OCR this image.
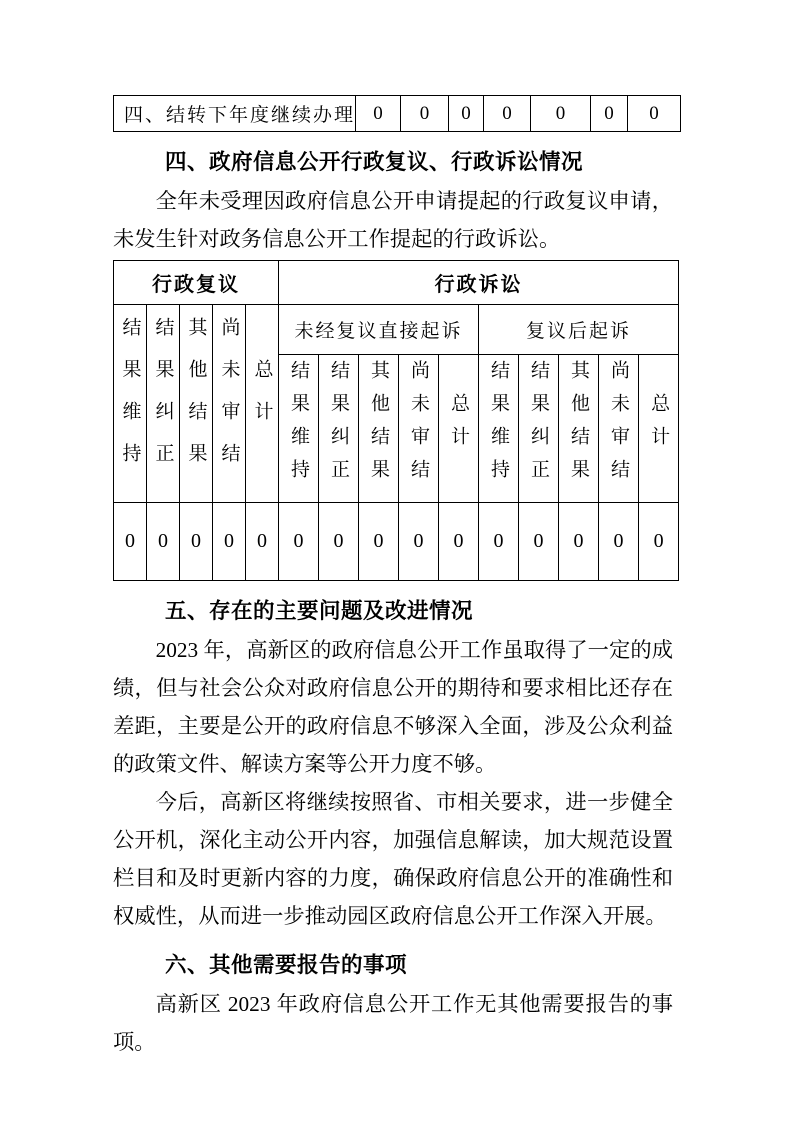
四、结转下年度继续办理	0	0	0	0	0	0	0
四、政府信息公开行政复议、行政诉讼情况

全年未受理因政府信息公开申请提起的行政复议申请，未发生针对政务信息公开工作提起的行政诉讼。

行政复议					行政诉讼									
结果维持	结果纠正	其他结果	尚未审结	总计	未经复议直接起诉					复议后起诉				
					结果维持	结果纠正	其他结果	尚未审结	总计	结果维持	结果纠正	其他结果	尚未审结	总计
0	0	0	0	0	0	0	0	0	0	0	0	0	0	0
五、存在的主要问题及改进情况

2023 年，高新区的政府信息公开工作虽取得了一定的成绩，但与社会公众对政府信息公开的期待和要求相比还存在差距，主要是公开的政府信息不够深入全面，涉及公众利益的政策文件、解读方案等公开力度不够。

今后，高新区将继续按照省、市相关要求，进一步健全公开机，深化主动公开内容，加强信息解读，加大规范设置栏目和及时更新内容的力度，确保政府信息公开的准确性和权威性，从而进一步推动园区政府信息公开工作深入开展。

六、其他需要报告的事项

高新区 2023 年政府信息公开工作无其他需要报告的事项。
